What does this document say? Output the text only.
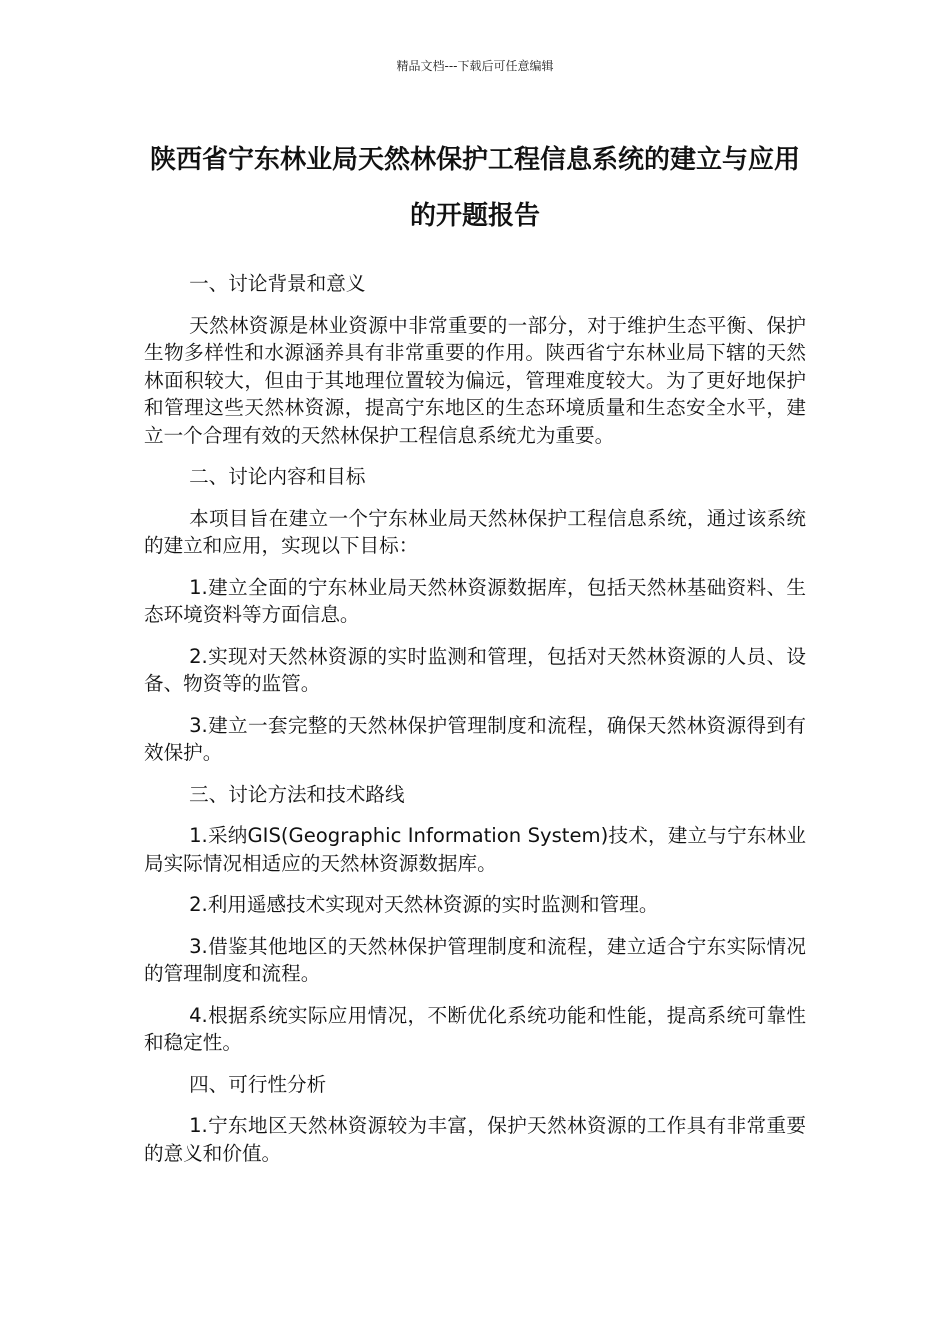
精品文档---下载后可任意编辑
陕西省宁东林业局天然林保护工程信息系统的建立与应用的开题报告

一、讨论背景和意义

天然林资源是林业资源中非常重要的一部分，对于维护生态平衡、保护生物多样性和水源涵养具有非常重要的作用。陕西省宁东林业局下辖的天然林面积较大，但由于其地理位置较为偏远，管理难度较大。为了更好地保护和管理这些天然林资源，提高宁东地区的生态环境质量和生态安全水平，建立一个合理有效的天然林保护工程信息系统尤为重要。

二、讨论内容和目标

本项目旨在建立一个宁东林业局天然林保护工程信息系统，通过该系统的建立和应用，实现以下目标：

1.建立全面的宁东林业局天然林资源数据库，包括天然林基础资料、生态环境资料等方面信息。

2.实现对天然林资源的实时监测和管理，包括对天然林资源的人员、设备、物资等的监管。

3.建立一套完整的天然林保护管理制度和流程，确保天然林资源得到有效保护。

三、讨论方法和技术路线

1.采纳GIS(Geographic Information System)技术，建立与宁东林业局实际情况相适应的天然林资源数据库。

2.利用遥感技术实现对天然林资源的实时监测和管理。

3.借鉴其他地区的天然林保护管理制度和流程，建立适合宁东实际情况的管理制度和流程。

4.根据系统实际应用情况，不断优化系统功能和性能，提高系统可靠性和稳定性。

四、可行性分析

1.宁东地区天然林资源较为丰富，保护天然林资源的工作具有非常重要的意义和价值。
